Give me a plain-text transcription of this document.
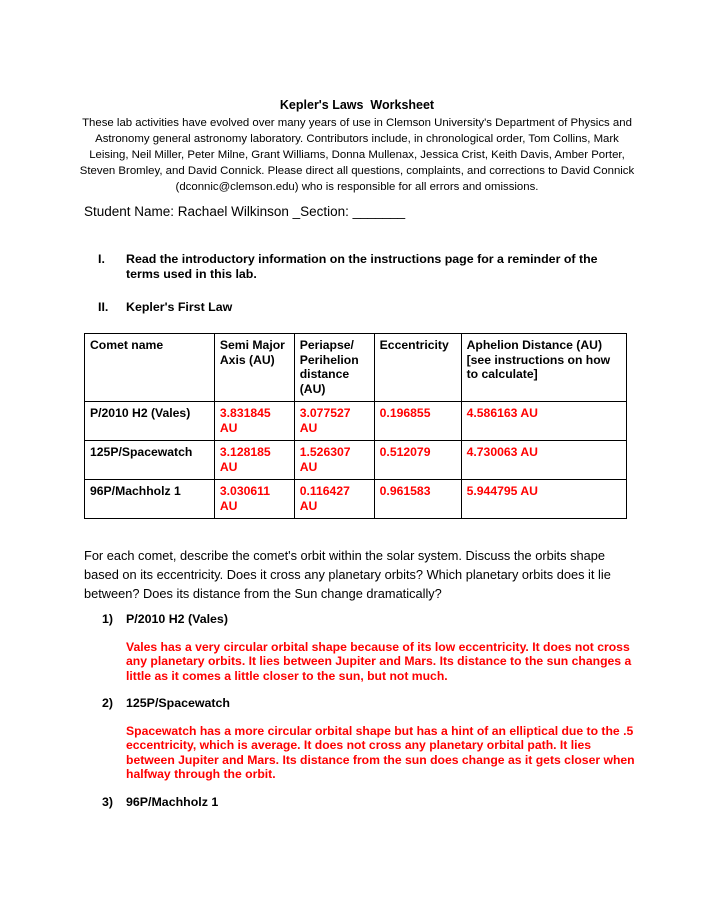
Kepler's Laws  Worksheet
These lab activities have evolved over many years of use in Clemson University's Department of Physics and Astronomy general astronomy laboratory. Contributors include, in chronological order, Tom Collins, Mark Leising, Neil Miller, Peter Milne, Grant Williams, Donna Mullenax, Jessica Crist, Keith Davis, Amber Porter, Steven Bromley, and David Connick. Please direct all questions, complaints, and corrections to David Connick (dconnic@clemson.edu) who is responsible for all errors and omissions.
Student Name: Rachael Wilkinson _Section: _______
I. Read the introductory information on the instructions page for a reminder of the terms used in this lab.
II. Kepler's First Law
Comet name	Semi Major Axis (AU)	Periapse/ Perihelion distance (AU)	Eccentricity	Aphelion Distance (AU) [see instructions on how to calculate]
P/2010 H2 (Vales)	3.831845 AU	3.077527 AU	0.196855	4.586163 AU
125P/Spacewatch	3.128185 AU	1.526307 AU	0.512079	4.730063 AU
96P/Machholz 1	3.030611 AU	0.116427 AU	0.961583	5.944795 AU
For each comet, describe the comet's orbit within the solar system. Discuss the orbits shape based on its eccentricity. Does it cross any planetary orbits? Which planetary orbits does it lie between? Does its distance from the Sun change dramatically?
1) P/2010 H2 (Vales)
Vales has a very circular orbital shape because of its low eccentricity. It does not cross any planetary orbits. It lies between Jupiter and Mars. Its distance to the sun changes a little as it comes a little closer to the sun, but not much.
2) 125P/Spacewatch
Spacewatch has a more circular orbital shape but has a hint of an elliptical due to the .5 eccentricity, which is average. It does not cross any planetary orbital path. It lies between Jupiter and Mars. Its distance from the sun does change as it gets closer when halfway through the orbit.
3) 96P/Machholz 1
